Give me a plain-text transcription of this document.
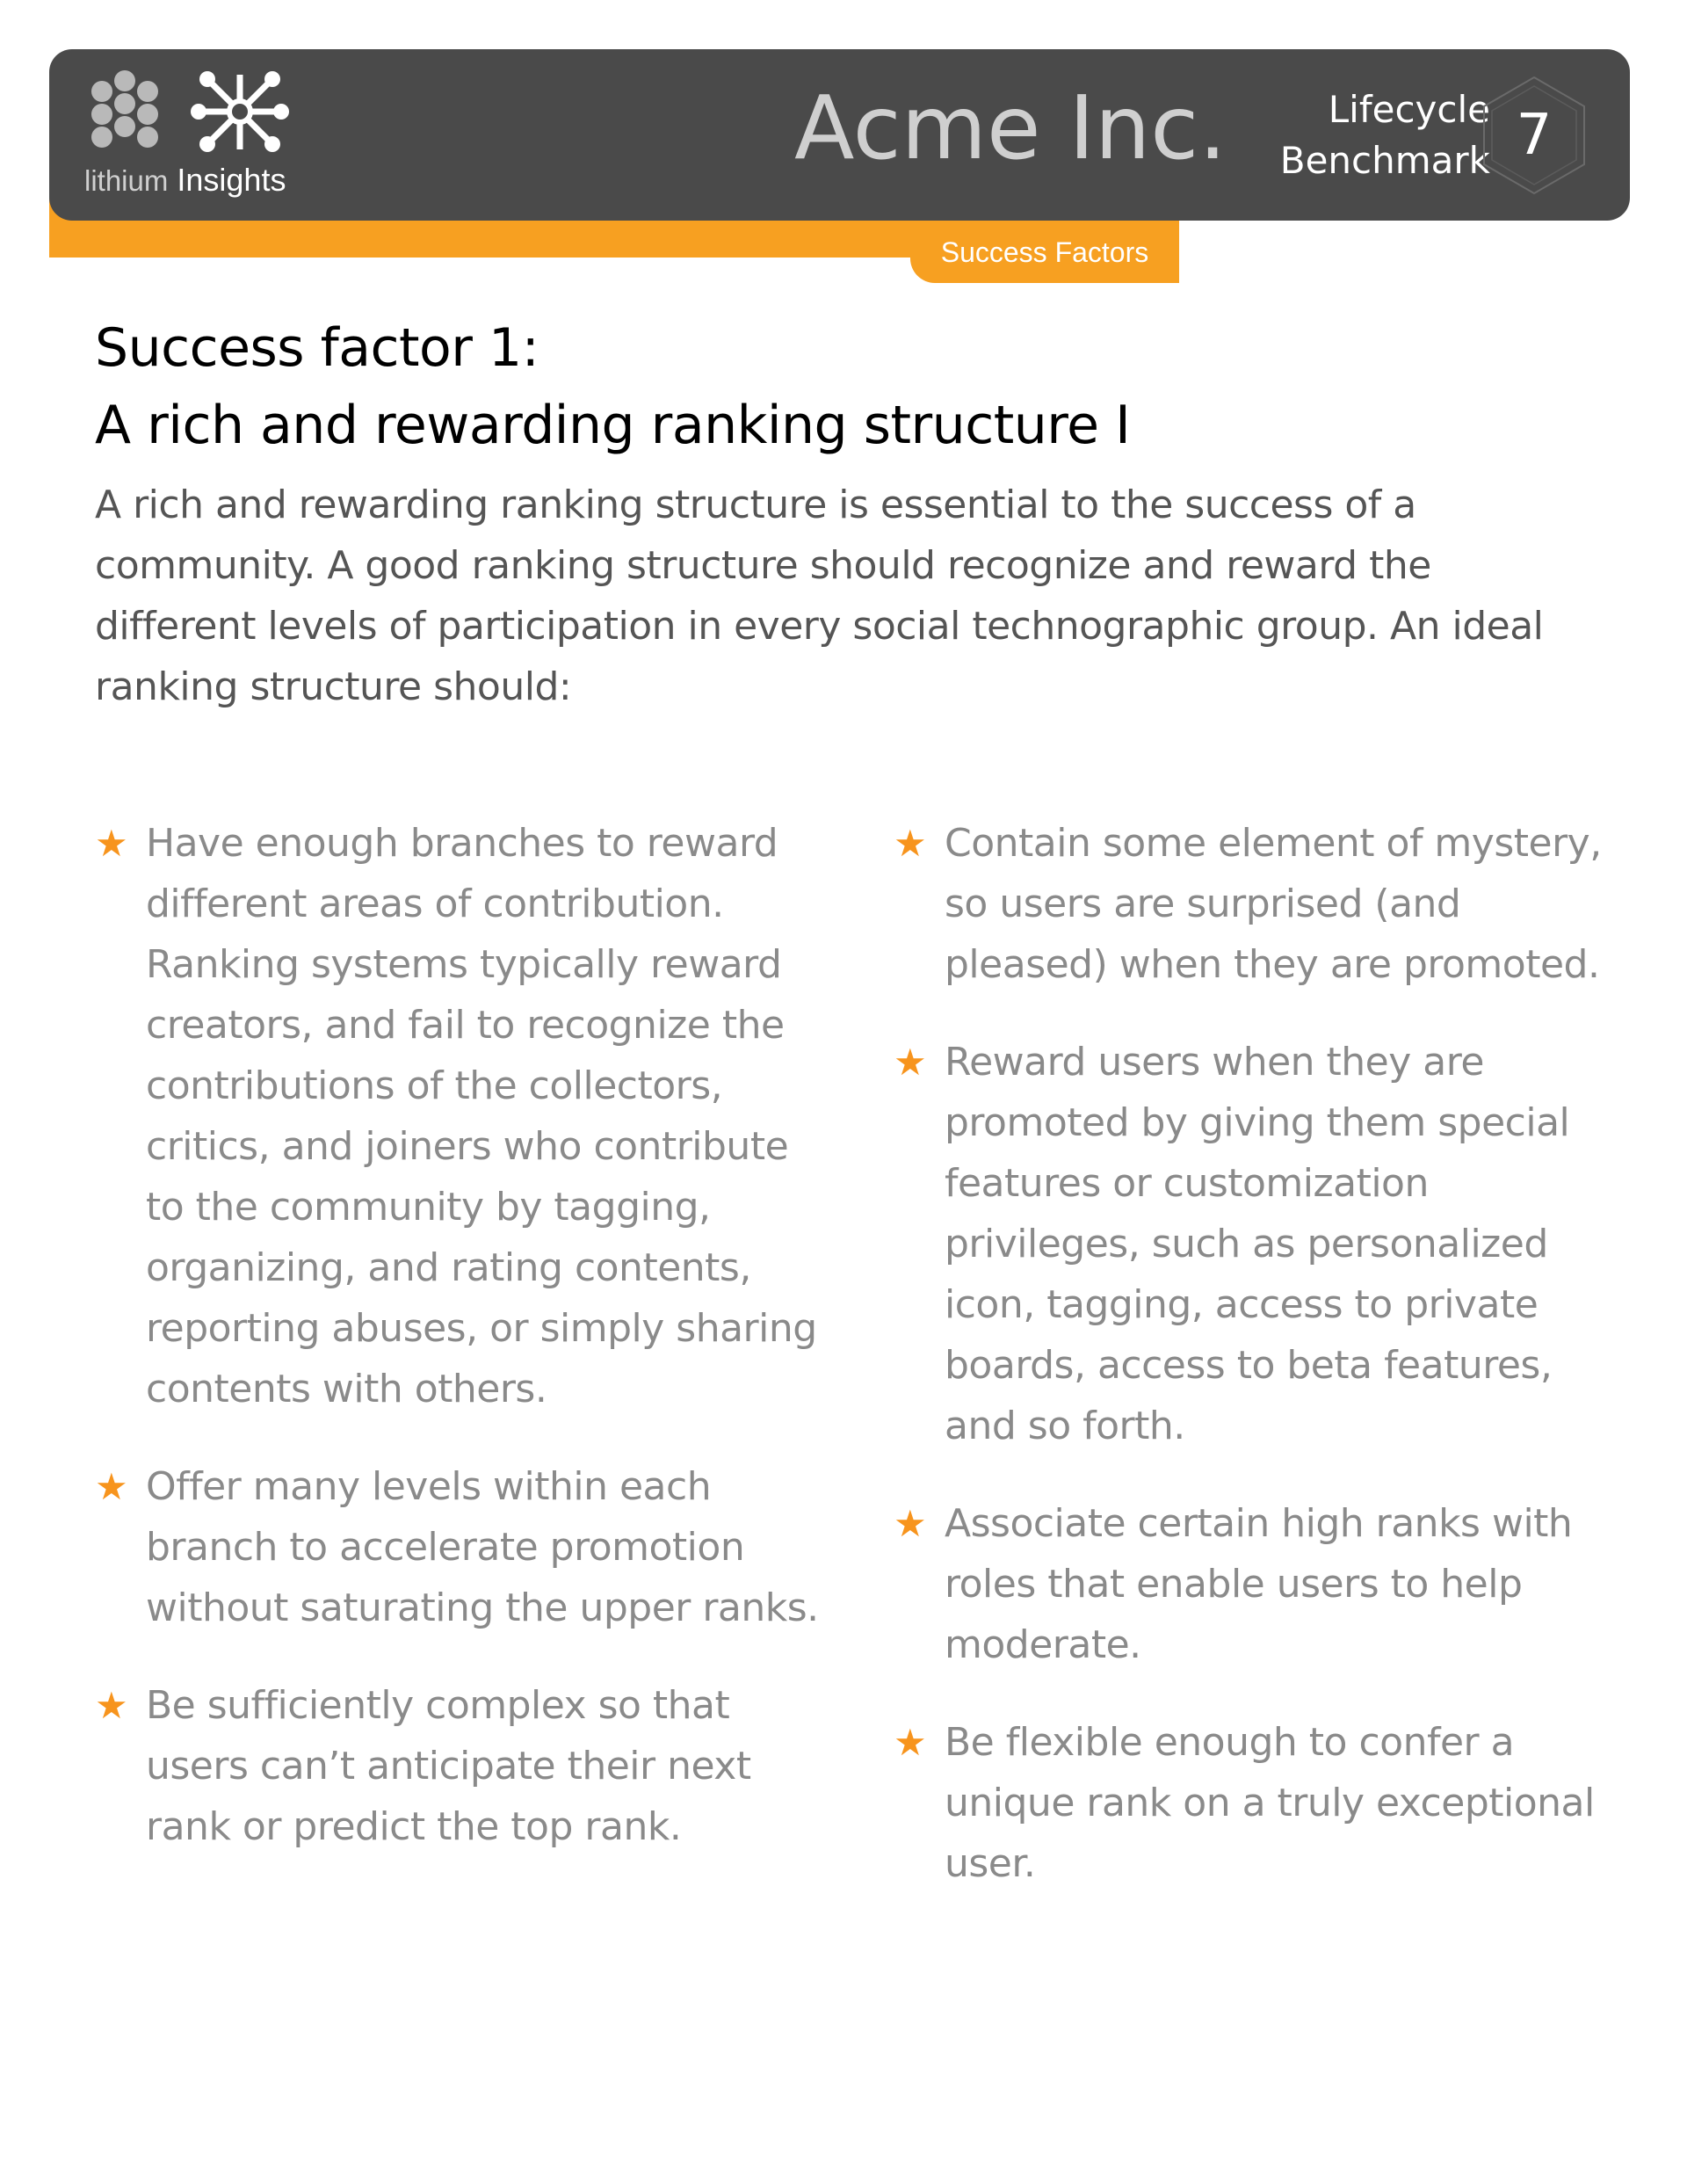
lithium Insights
Acme Inc.	Lifecycle
Benchmark 7
Success Factors
Success factor 1:
A rich and rewarding ranking structure I
A rich and rewarding ranking structure is essential to the success of a community. A good ranking structure should recognize and reward the different levels of participation in every social technographic group. An ideal ranking structure should:
★ Have enough branches to reward different areas of contribution. Ranking systems typically reward creators, and fail to recognize the contributions of the collectors, critics, and joiners who contribute to the community by tagging, organizing, and rating contents, reporting abuses, or simply sharing contents with others.
★ Offer many levels within each branch to accelerate promotion without saturating the upper ranks.
★ Be sufficiently complex so that users can’t anticipate their next rank or predict the top rank.
★ Contain some element of mystery, so users are surprised (and pleased) when they are promoted.
★ Reward users when they are promoted by giving them special features or customization privileges, such as personalized icon, tagging, access to private boards, access to beta features, and so forth.
★ Associate certain high ranks with roles that enable users to help moderate.
★ Be flexible enough to confer a unique rank on a truly exceptional user.
